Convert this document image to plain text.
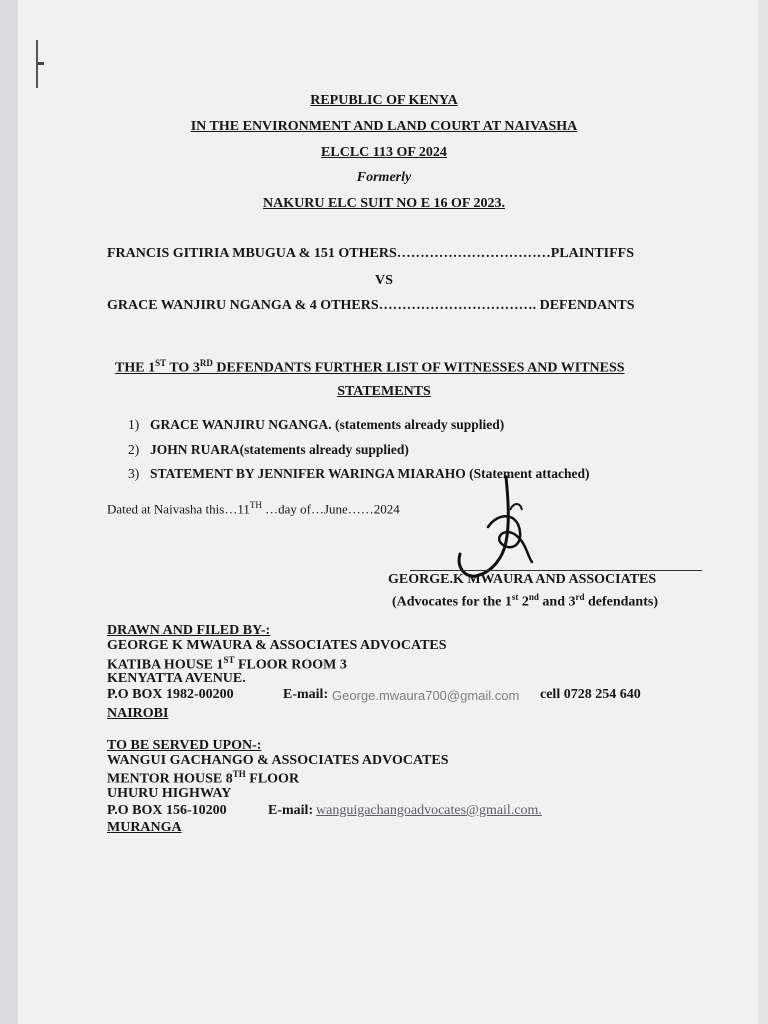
REPUBLIC OF KENYA
IN THE ENVIRONMENT AND LAND COURT AT NAIVASHA
ELCLC 113 OF 2024
Formerly
NAKURU ELC SUIT NO E 16 OF 2023.
FRANCIS GITIRIA MBUGUA & 151 OTHERS……………………………PLAINTIFFS
VS
GRACE WANJIRU NGANGA & 4 OTHERS……………………………. DEFENDANTS
THE 1ST TO 3RD DEFENDANTS FURTHER LIST OF WITNESSES AND WITNESS
STATEMENTS
1) GRACE WANJIRU NGANGA. (statements already supplied)
2) JOHN RUARA(statements already supplied)
3) STATEMENT BY JENNIFER WARINGA MIARAHO (Statement attached)
Dated at Naivasha this…11TH …day of…June……2024
GEORGE.K MWAURA AND ASSOCIATES
(Advocates for the 1st 2nd and 3rd defendants)
DRAWN AND FILED BY-:
GEORGE K MWAURA & ASSOCIATES ADVOCATES
KATIBA HOUSE 1ST FLOOR ROOM 3
KENYATTA AVENUE.
P.O BOX 1982-00200	E-mail: George.mwaura700@gmail.com cell 0728 254 640
NAIROBI
TO BE SERVED UPON-:
WANGUI GACHANGO & ASSOCIATES ADVOCATES
MENTOR HOUSE 8TH FLOOR
UHURU HIGHWAY
P.O BOX 156-10200	E-mail: wanguigachangoadvocates@gmail.com.
MURANGA
